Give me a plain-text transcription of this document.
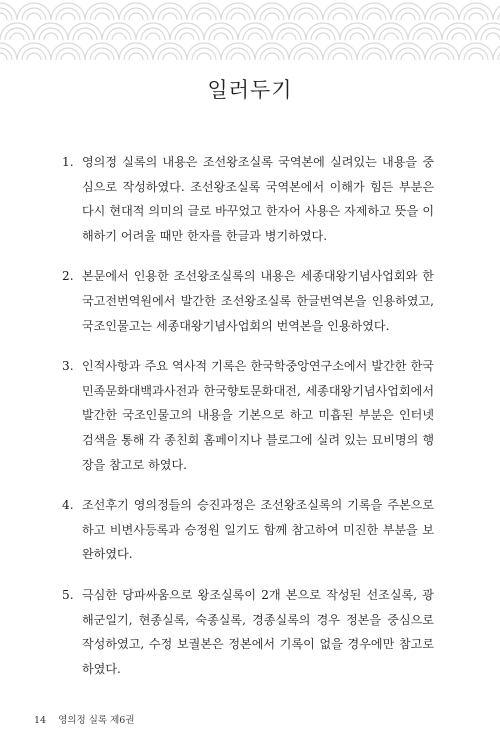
일러두기
1. 영의정 실록의 내용은 조선왕조실록 국역본에 실려있는 내용을 중심으로 작성하였다. 조선왕조실록 국역본에서 이해가 힘든 부분은 다시 현대적 의미의 글로 바꾸었고 한자어 사용은 자제하고 뜻을 이해하기 어려울 때만 한자를 한글과 병기하였다.
2. 본문에서 인용한 조선왕조실록의 내용은 세종대왕기념사업회와 한국고전번역원에서 발간한 조선왕조실록 한글번역본을 인용하였고, 국조인물고는 세종대왕기념사업회의 번역본을 인용하였다.
3. 인적사항과 주요 역사적 기록은 한국학중앙연구소에서 발간한 한국민족문화대백과사전과 한국향토문화대전, 세종대왕기념사업회에서 발간한 국조인물고의 내용을 기본으로 하고 미흡된 부분은 인터넷 검색을 통해 각 종친회 홈페이지나 블로그에 실려 있는 묘비명의 행장을 참고로 하였다.
4. 조선후기 영의정들의 승진과정은 조선왕조실록의 기록을 주본으로 하고 비변사등록과 승정원 일기도 함께 참고하여 미진한 부분을 보완하였다.
5. 극심한 당파싸움으로 왕조실록이 2개 본으로 작성된 선조실록, 광해군일기, 현종실록, 숙종실록, 경종실록의 경우 정본을 중심으로 작성하였고, 수정 보궐본은 정본에서 기록이 없을 경우에만 참고로 하였다.
14 영의정 실록 제6권
